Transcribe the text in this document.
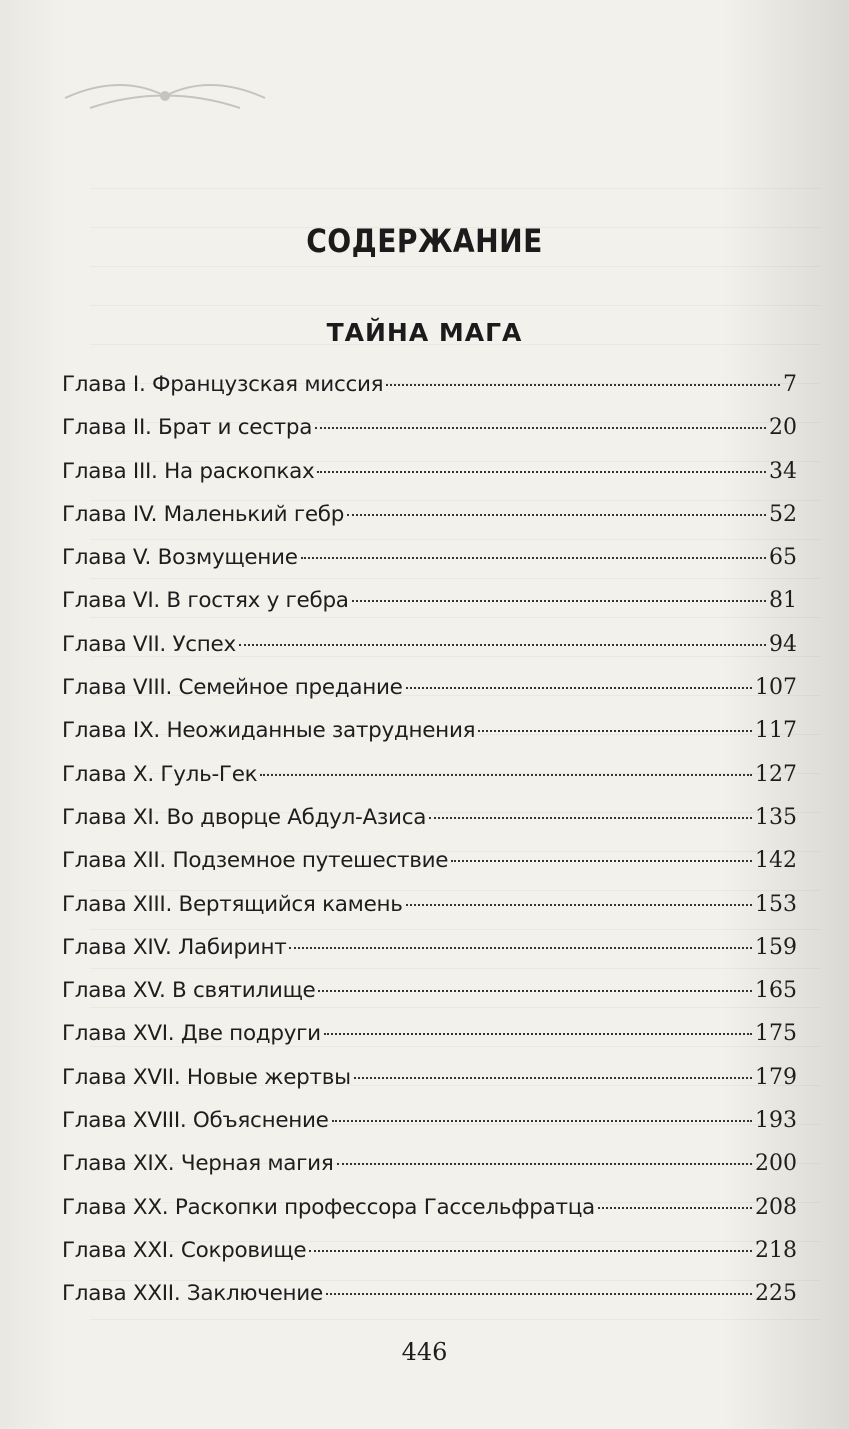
СОДЕРЖАНИЕ
ТАЙНА МАГА
Глава I. Французская миссия	7
Глава II. Брат и сестра	20
Глава III. На раскопках	34
Глава IV. Маленький гебр	52
Глава V. Возмущение	65
Глава VI. В гостях у гебра	81
Глава VII. Успех	94
Глава VIII. Семейное предание	107
Глава IX. Неожиданные затруднения	117
Глава X. Гуль-Гек	127
Глава XI. Во дворце Абдул-Азиса	135
Глава XII. Подземное путешествие	142
Глава XIII. Вертящийся камень	153
Глава XIV. Лабиринт	159
Глава XV. В святилище	165
Глава XVI. Две подруги	175
Глава XVII. Новые жертвы	179
Глава XVIII. Объяснение	193
Глава XIX. Черная магия	200
Глава XX. Раскопки профессора Гассельфратца	208
Глава XXI. Сокровище	218
Глава XXII. Заключение	225
446
